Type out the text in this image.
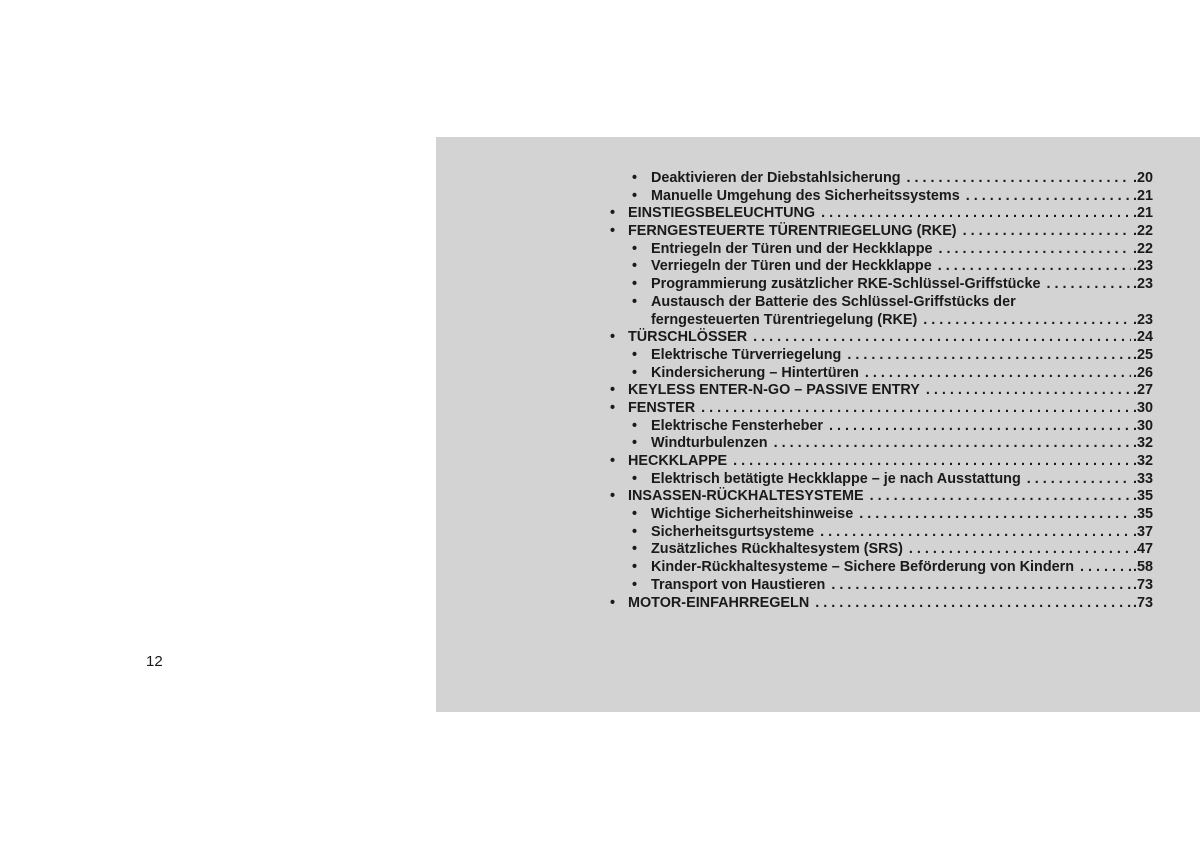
• Deaktivieren der Diebstahlsicherung . . .	.20
• Manuelle Umgehung des Sicherheitssystems . . .	.21
• EINSTIEGSBELEUCHTUNG . . .	.21
• FERNGESTEUERTE TÜRENTRIEGELUNG (RKE) . . .	.22
• Entriegeln der Türen und der Heckklappe . . .	.22
• Verriegeln der Türen und der Heckklappe . . .	.23
• Programmierung zusätzlicher RKE-Schlüssel-Griffstücke . . .	.23
• Austausch der Batterie des Schlüssel-Griffstücks der
ferngesteuerten Türentriegelung (RKE) . . .	.23
• TÜRSCHLÖSSER . . .	.24
• Elektrische Türverriegelung . . .	.25
• Kindersicherung – Hintertüren . . .	.26
• KEYLESS ENTER-N-GO – PASSIVE ENTRY . . .	.27
• FENSTER . . .	.30
• Elektrische Fensterheber . . .	.30
• Windturbulenzen . . .	.32
• HECKKLAPPE . . .	.32
• Elektrisch betätigte Heckklappe – je nach Ausstattung . . .	.33
• INSASSEN-RÜCKHALTESYSTEME . . .	.35
• Wichtige Sicherheitshinweise . . .	.35
• Sicherheitsgurtsysteme . . .	.37
• Zusätzliches Rückhaltesystem (SRS) . . .	.47
• Kinder-Rückhaltesysteme – Sichere Beförderung von Kindern . . .	.58
• Transport von Haustieren . . .	.73
• MOTOR-EINFAHRREGELN . . .	.73
12
